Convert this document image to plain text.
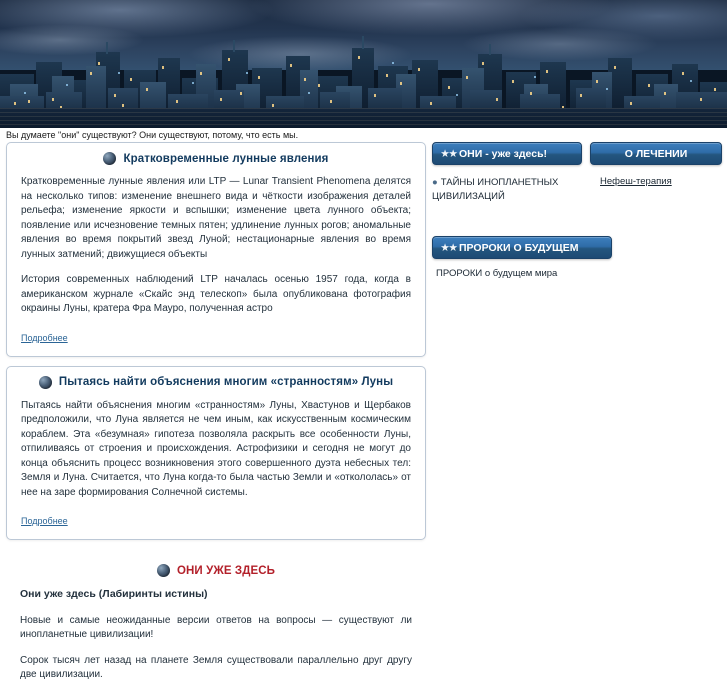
Вы думаете "они" существуют? Они существуют, потому, что есть мы.
Кратковременные лунные явления

Кратковременные лунные явления или LTP — Lunar Transient Phenomena делятся на несколько типов: изменение внешнего вида и чёткости изображения деталей рельефа; изменение яркости и вспышки; изменение цвета лунного объекта; появление или исчезновение темных пятен; удлинение лунных рогов; аномальные явления во время покрытий звезд Луной; нестационарные явления во время лунных затмений; движущиеся объекты

История современных наблюдений LTP началась осенью 1957 года, когда в американском журнале «Скайс энд телескоп» была опубликована фотография окраины Луны, кратера Фра Мауро, полученная астро

Подробнее
Пытаясь найти объяснения многим «странностям» Луны

Пытаясь найти объяснения многим «странностям» Луны, Хвастунов и Щербаков предположили, что Луна является не чем иным, как искусственным космическим кораблем. Эта «безумная» гипотеза позволяла раскрыть все особенности Луны, отпиливаясь от строения и происхождения. Астрофизики и сегодня не могут до конца объяснить процесс возникновения этого совершенного дуэта небесных тел: Земля и Луна. Считается, что Луна когда-то была частью Земли и «откололась» от нее на заре формирования Солнечной системы.

Подробнее
ОНИ УЖЕ ЗДЕСЬ

Они уже здесь (Лабиринты истины)

Новые и самые неожиданные версии ответов на вопросы — существуют ли инопланетные цивилизации!

Сорок тысяч лет назад на планете Земля существовали параллельно друг другу две цивилизации.

★★ ОНИ - уже здесь!	О ЛЕЧЕНИИ
● ТАЙНЫ ИНОПЛАНЕТНЫХ ЦИВИЛИЗАЦИЙ
Нефеш-терапия
★★ ПРОРОКИ О БУДУЩЕМ
ПРОРОКИ о будущем мира
